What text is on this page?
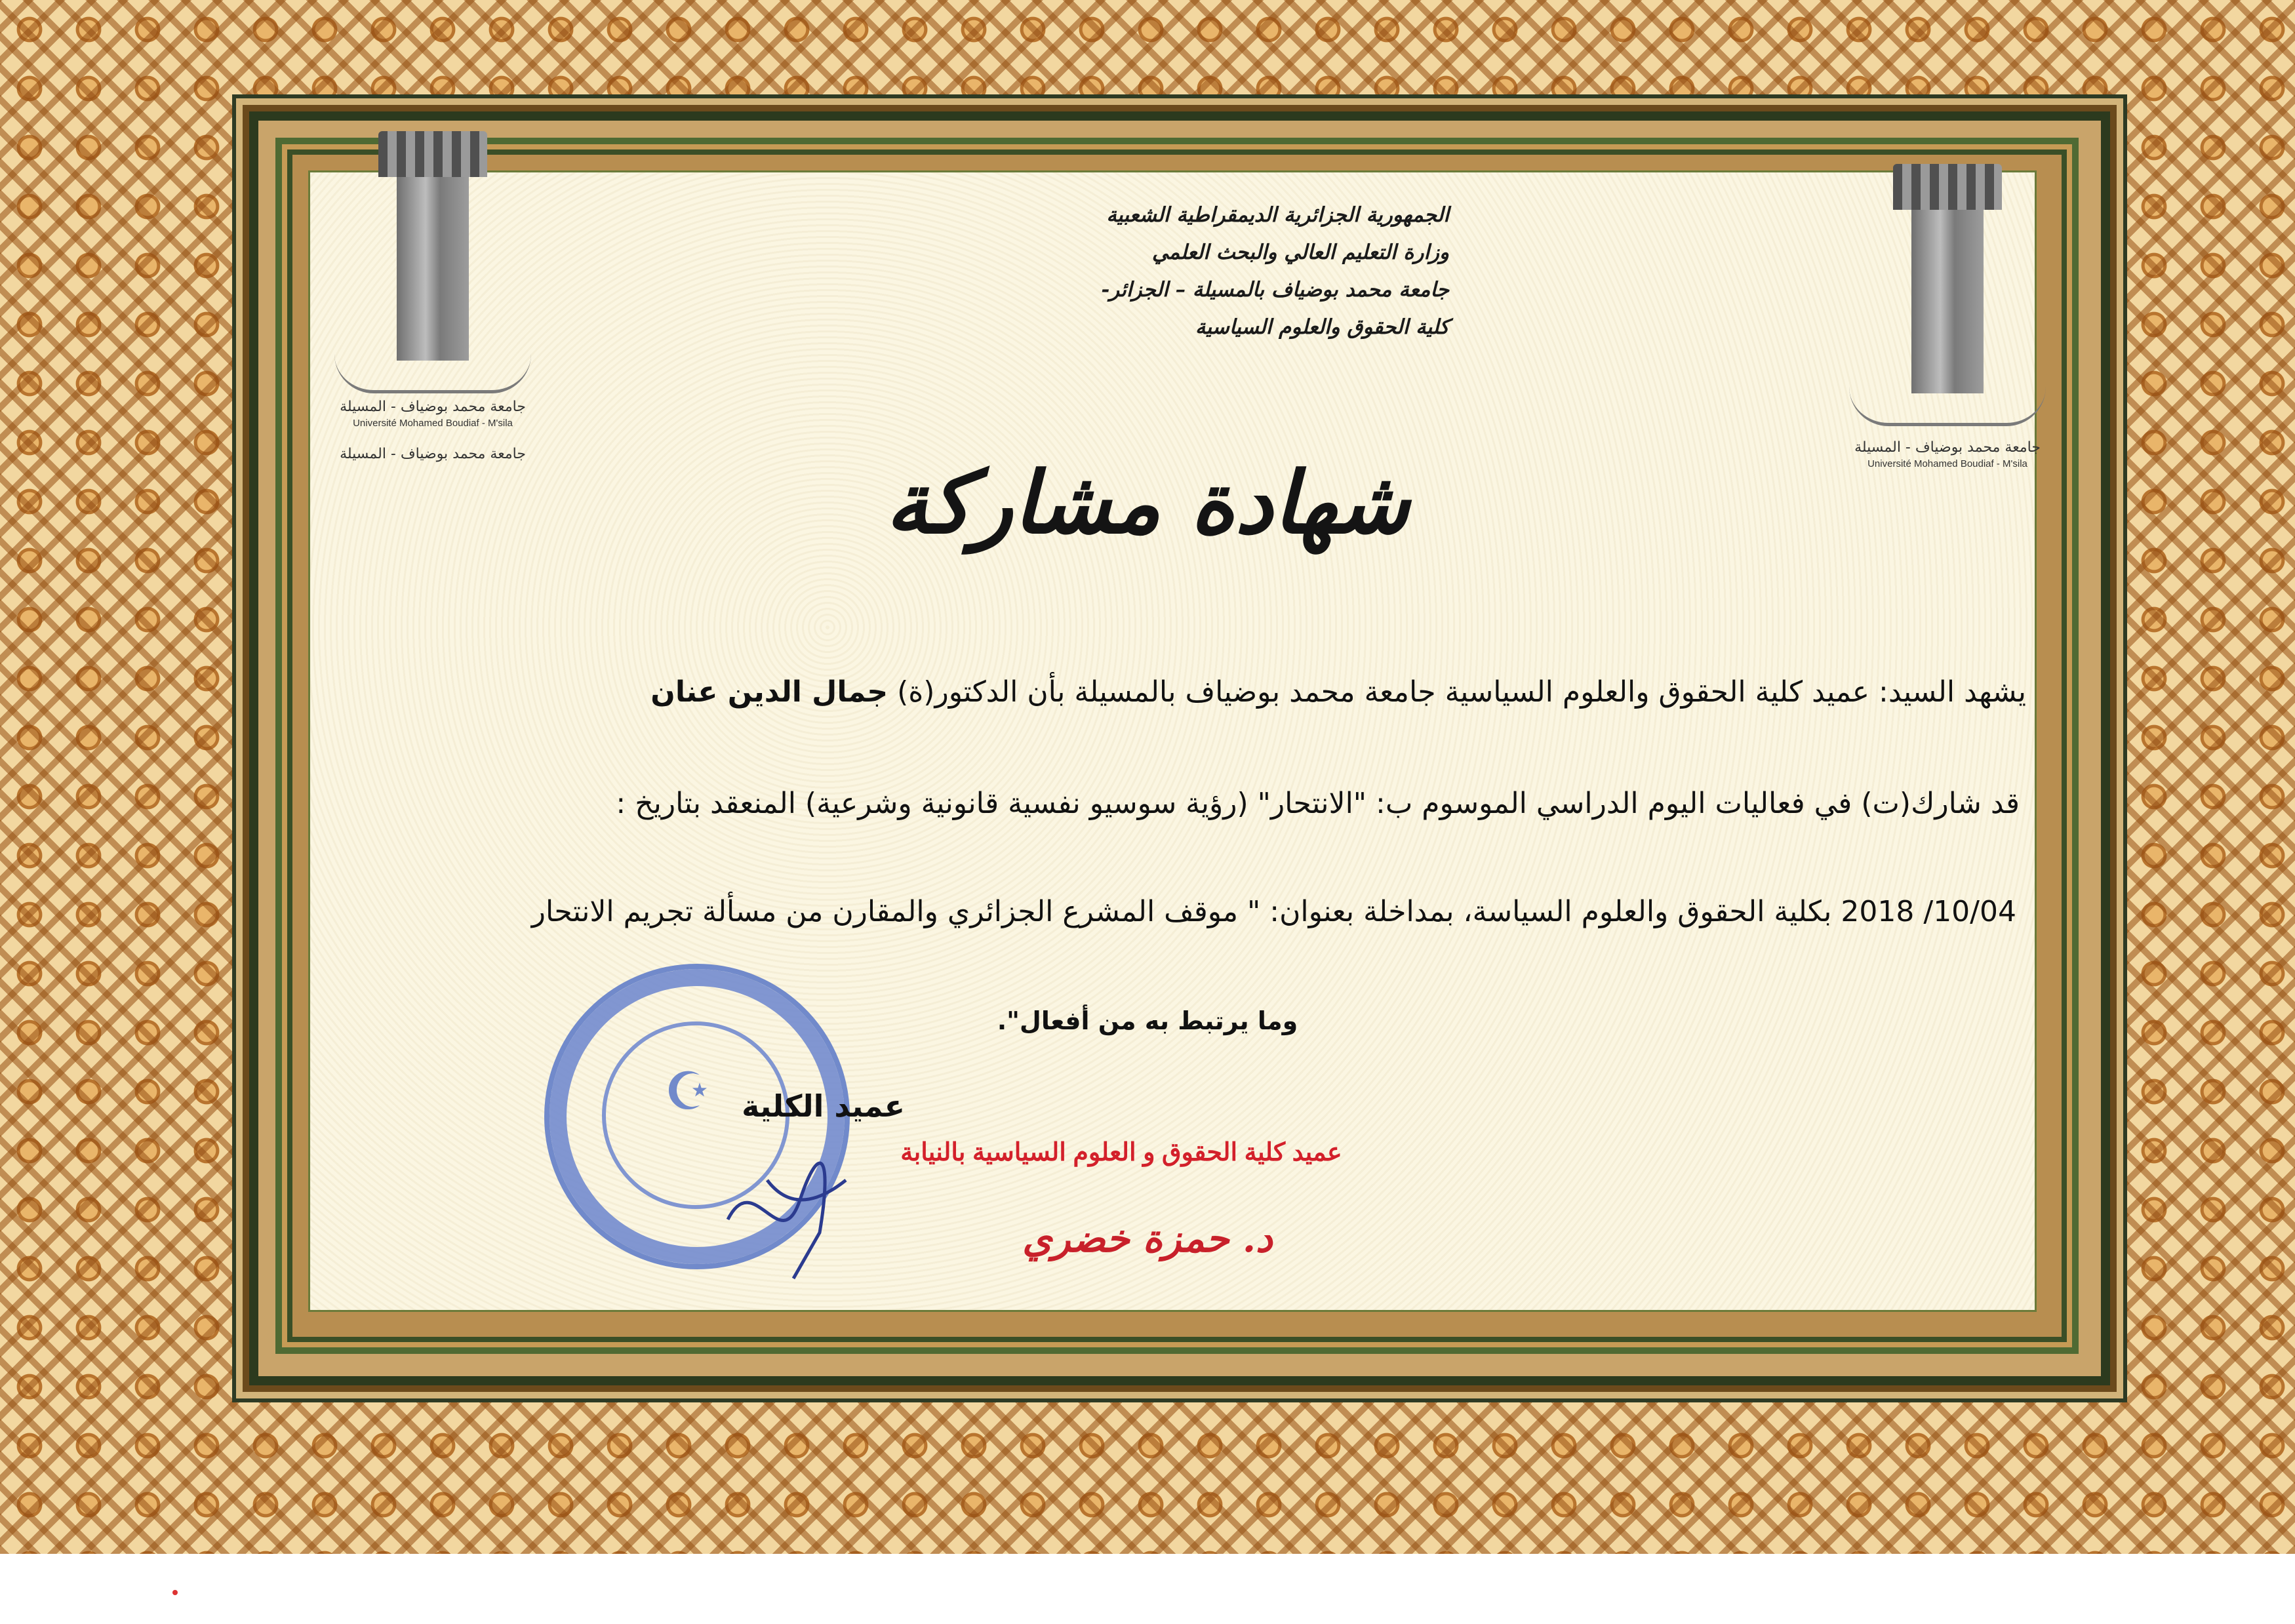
جامعة محمد بوضياف - المسيلة
Université Mohamed Boudiaf - M'sila
جامعة محمد بوضياف - المسيلة	جامعة محمد بوضياف - المسيلة
Université Mohamed Boudiaf - M'sila
الجمهورية الجزائرية الديمقراطية الشعبية
وزارة التعليم العالي والبحث العلمي
جامعة محمد بوضياف بالمسيلة – الجزائر-
كلية الحقوق والعلوم السياسية
شهادة مشاركة
يشهد السيد: عميد كلية الحقوق والعلوم السياسية جامعة محمد بوضياف بالمسيلة بأن الدكتور(ة) جمال الدين عنان
قد شارك(ت) في فعاليات اليوم الدراسي الموسوم ب: "الانتحار" (رؤية سوسيو نفسية قانونية وشرعية) المنعقد بتاريخ :
10/04/ 2018 بكلية الحقوق والعلوم السياسة، بمداخلة بعنوان: " موقف المشرع الجزائري والمقارن من مسألة تجريم الانتحار
وما يرتبط به من أفعال".
☪	عميد الكلية
عميد كلية الحقوق و العلوم السياسية بالنيابة
د. حمزة خضري
